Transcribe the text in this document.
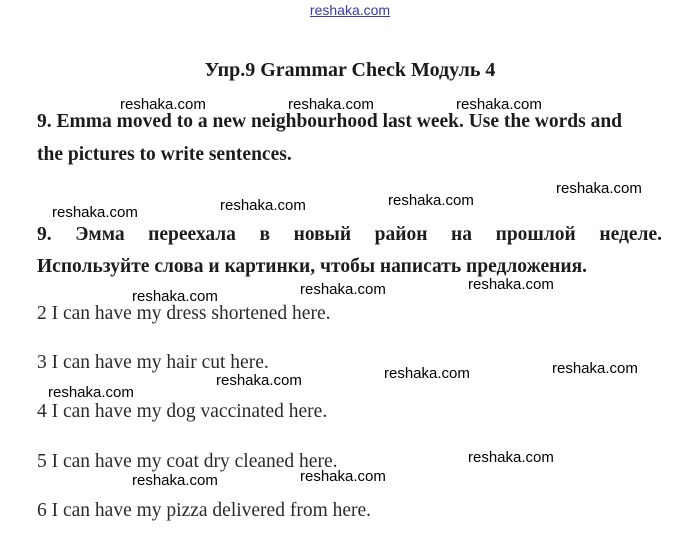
reshaka.com
Упр.9 Grammar Check Модуль 4
9. Emma moved to a new neighbourhood last week. Use the words and
the pictures to write sentences.
9. Эмма переехала в новый район на прошлой неделе.
Используйте слова и картинки, чтобы написать предложения.
2 I can have my dress shortened here.
3 I can have my hair cut here.
4 I can have my dog vaccinated here.
5 I can have my coat dry cleaned here.
6 I can have my pizza delivered from here.
reshaka.com	reshaka.com	reshaka.com
reshaka.com
reshaka.com
reshaka.com
reshaka.com
reshaka.com
reshaka.com
reshaka.com
reshaka.com
reshaka.com
reshaka.com
reshaka.com
reshaka.com
reshaka.com
reshaka.com
